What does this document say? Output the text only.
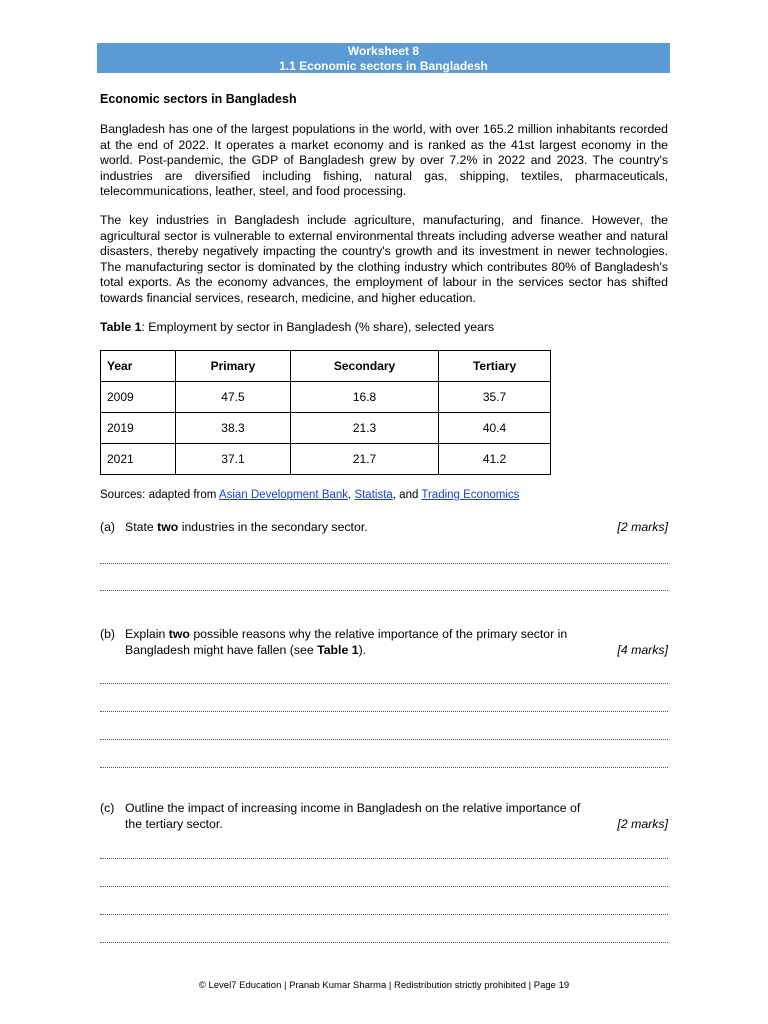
Worksheet 8
1.1 Economic sectors in Bangladesh
Economic sectors in Bangladesh
Bangladesh has one of the largest populations in the world, with over 165.2 million inhabitants recorded at the end of 2022. It operates a market economy and is ranked as the 41st largest economy in the world. Post-pandemic, the GDP of Bangladesh grew by over 7.2% in 2022 and 2023. The country's industries are diversified including fishing, natural gas, shipping, textiles, pharmaceuticals, telecommunications, leather, steel, and food processing.
The key industries in Bangladesh include agriculture, manufacturing, and finance. However, the agricultural sector is vulnerable to external environmental threats including adverse weather and natural disasters, thereby negatively impacting the country's growth and its investment in newer technologies. The manufacturing sector is dominated by the clothing industry which contributes 80% of Bangladesh's total exports. As the economy advances, the employment of labour in the services sector has shifted towards financial services, research, medicine, and higher education.
Table 1: Employment by sector in Bangladesh (% share), selected years
Year	Primary	Secondary	Tertiary
2009	47.5	16.8	35.7
2019	38.3	21.3	40.4
2021	37.1	21.7	41.2
Sources: adapted from Asian Development Bank, Statista, and Trading Economics
(a) State two industries in the secondary sector.	[2 marks]
(b) Explain two possible reasons why the relative importance of the primary sector in Bangladesh might have fallen (see Table 1).	[4 marks]
(c) Outline the impact of increasing income in Bangladesh on the relative importance of the tertiary sector.	[2 marks]
© Level7 Education | Pranab Kumar Sharma | Redistribution strictly prohibited | Page 19
